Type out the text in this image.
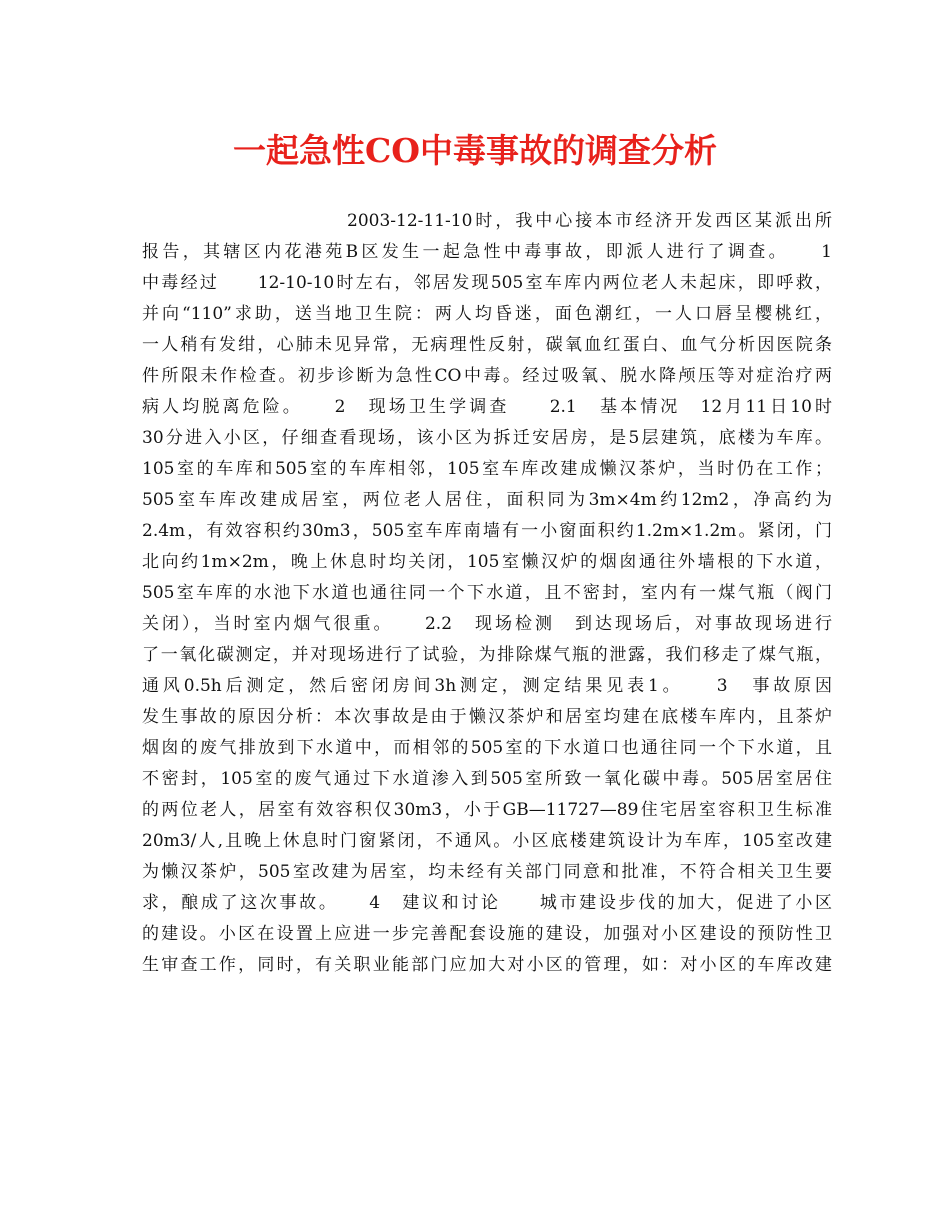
一起急性CO中毒事故的调查分析
2003-12-11-10时，我中心接本市经济开发西区某派出所
报告，其辖区内花港苑B区发生一起急性中毒事故，即派人进行了调查。　　1
中毒经过　　12-10-10时左右，邻居发现505室车库内两位老人未起床，即呼救，
并向“110”求助，送当地卫生院：两人均昏迷，面色潮红，一人口唇呈樱桃红，
一人稍有发绀，心肺未见异常，无病理性反射，碳氧血红蛋白、血气分析因医院条
件所限未作检查。初步诊断为急性CO中毒。经过吸氧、脱水降颅压等对症治疗两
病人均脱离危险。　　2　现场卫生学调查　　2.1　基本情况　12月11日10时
30分进入小区，仔细查看现场，该小区为拆迁安居房，是5层建筑，底楼为车库。
105室的车库和505室的车库相邻，105室车库改建成懒汉茶炉，当时仍在工作；
505室车库改建成居室，两位老人居住，面积同为3m×4m约12m2，净高约为
2.4m，有效容积约30m3，505室车库南墙有一小窗面积约1.2m×1.2m。紧闭，门
北向约1m×2m，晚上休息时均关闭，105室懒汉炉的烟囱通往外墙根的下水道，
505室车库的水池下水道也通往同一个下水道，且不密封，室内有一煤气瓶（阀门
关闭），当时室内烟气很重。　　2.2　现场检测　到达现场后，对事故现场进行
了一氧化碳测定，并对现场进行了试验，为排除煤气瓶的泄露，我们移走了煤气瓶，
通风0.5h后测定，然后密闭房间3h测定，测定结果见表1。　　3　事故原因
发生事故的原因分析：本次事故是由于懒汉茶炉和居室均建在底楼车库内，且茶炉
烟囱的废气排放到下水道中，而相邻的505室的下水道口也通往同一个下水道，且
不密封，105室的废气通过下水道渗入到505室所致一氧化碳中毒。505居室居住
的两位老人，居室有效容积仅30m3，小于GB—11727—89住宅居室容积卫生标准
20m3/人,且晚上休息时门窗紧闭，不通风。小区底楼建筑设计为车库，105室改建
为懒汉茶炉，505室改建为居室，均未经有关部门同意和批准，不符合相关卫生要
求，酿成了这次事故。　　4　建议和讨论　　城市建设步伐的加大，促进了小区
的建设。小区在设置上应进一步完善配套设施的建设，加强对小区建设的预防性卫
生审查工作，同时，有关职业能部门应加大对小区的管理，如：对小区的车库改建
